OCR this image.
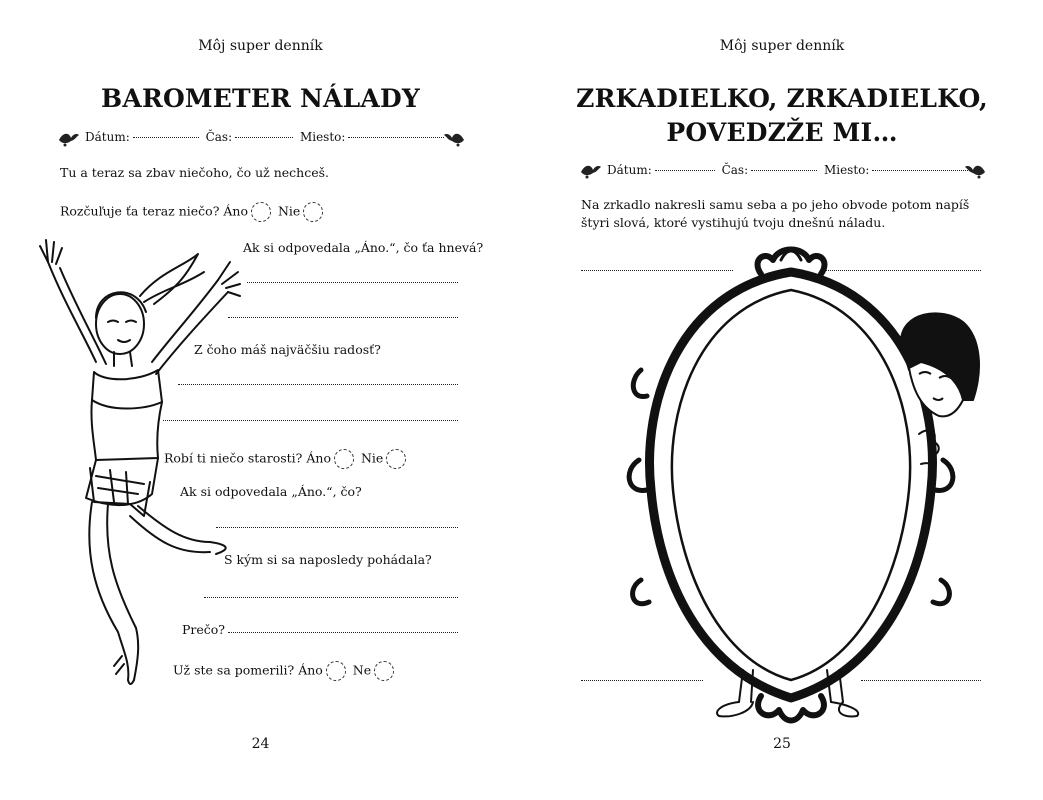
Môj super denník
BAROMETER NÁLADY
Dátum:	Čas:	Miesto:
Tu a teraz sa zbav niečoho, čo už nechceš.
Rozčuľuje ťa teraz niečo? Áno Nie
Ak si odpovedala „Áno.“, čo ťa hnevá?
Z čoho máš najväčšiu radosť?
Robí ti niečo starosti? Áno Nie
Ak si odpovedala „Áno.“, čo?
S kým si sa naposledy pohádala?
Prečo?
Už ste sa pomerili? Áno Ne
24
Môj super denník
ZRKADIELKO, ZRKADIELKO,
POVEDZŽE MI…
Dátum:	Čas:	Miesto:
Na zrkadlo nakresli samu seba a po jeho obvode potom napíš
štyri slová, ktoré vystihujú tvoju dnešnú náladu.
25
